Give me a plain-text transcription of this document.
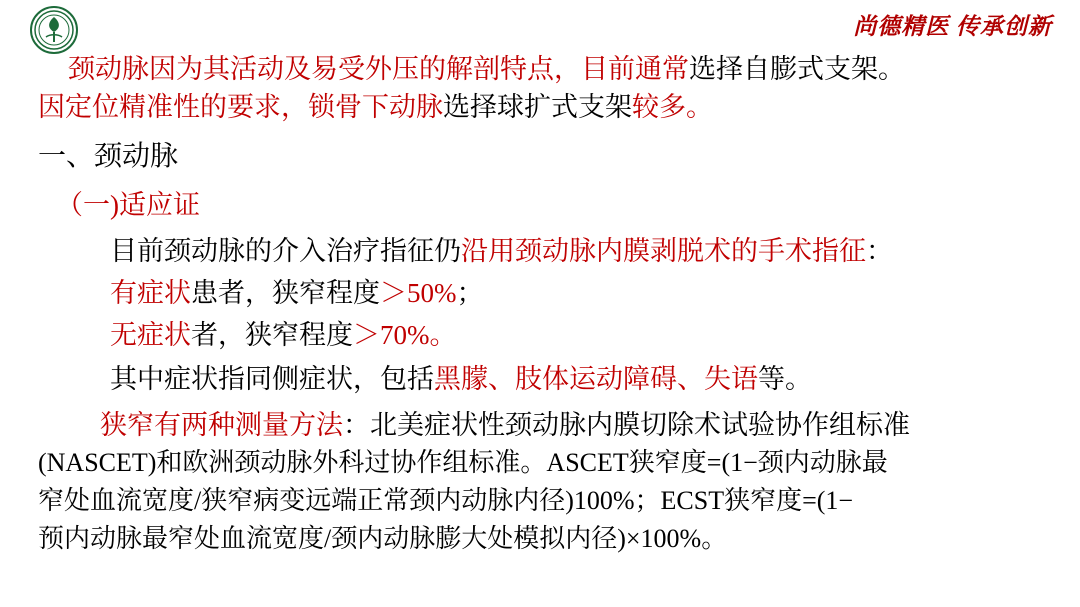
尚德精医 传承创新
颈动脉因为其活动及易受外压的解剖特点，目前通常选择自膨式支架。
因定位精准性的要求，锁骨下动脉选择球扩式支架较多。
一、颈动脉
（一)适应证
目前颈动脉的介入治疗指征仍沿用颈动脉内膜剥脱术的手术指征：
有症状患者，狭窄程度＞50%；
无症状者，狭窄程度＞70%。
其中症状指同侧症状，包括黑朦、肢体运动障碍、失语等。
狭窄有两种测量方法：北美症状性颈动脉内膜切除术试验协作组标准
(NASCET)和欧洲颈动脉外科过协作组标准。ASCET狭窄度=(1−颈内动脉最
窄处血流宽度/狭窄病变远端正常颈内动脉内径)100%；ECST狭窄度=(1−
预内动脉最窄处血流宽度/颈内动脉膨大处模拟内径)×100%。
